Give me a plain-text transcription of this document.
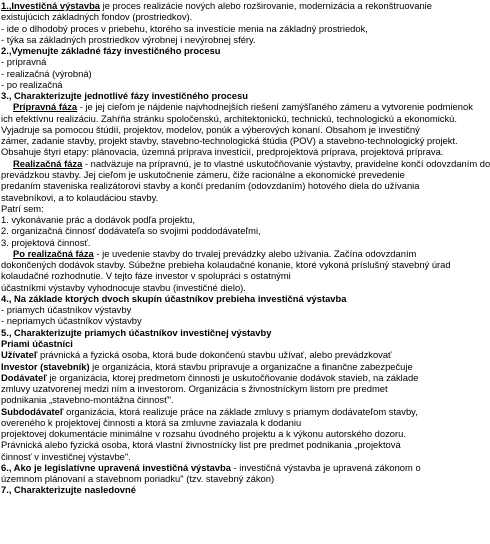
1.,Investičná výstavba je proces realizácie nových alebo rozširovanie, modernizácia a rekonštruovanie
existujúcich základných fondov (prostriedkov).
- ide o dlhodobý proces v priebehu, ktorého sa investície menia na základný prostriedok,
- týka sa základných prostriedkov výrobnej i nevýrobnej sféry.
2.,Vymenujte základné fázy investičného procesu
- prípravná
- realizačná (výrobná)
- po realizačná
3., Charakterizujte jednotlivé fázy investičného procesu
Prípravná fáza - je jej cieľom je nájdenie najvhodnejších riešení zamýšľaného zámeru a vytvorenie podmienok
ich efektívnu realizáciu. Zahŕňa stránku spoločenskú, architektonickú, technickú, technologickú a ekonomickú.
Vyjadruje sa pomocou štúdií, projektov, modelov, ponúk a výberových konaní. Obsahom je investičný
zámer, zadanie stavby, projekt stavby, stavebno-technologická štúdia (POV) a stavebno-technologický projekt.
Obsahuje štyri etapy: plánovacia, územná príprava investícií, predprojektová príprava, projektová príprava.
Realizačná fáza - nadväzuje na prípravnú, je to vlastné uskutočňovanie výstavby, pravidelne končí odovzdaním do
prevádzkou stavby. Jej cieľom je uskutočnenie zámeru, čiže racionálne a ekonomické prevedenie
predaním staveniska realizátorovi stavby a končí predaním (odovzdaním) hotového diela do užívania
stavebníkovi, a to kolaudáciou stavby.
Patrí sem:
1. vykonávanie prác a dodávok podľa projektu,
2. organizačná činnosť dodávateľa so svojimi poddodávateľmi,
3. projektová činnosť.
Po realizačná fáza - je uvedenie stavby do trvalej prevádzky alebo užívania. Začína odovzdaním
dokončených dodávok stavby. Súbežne prebieha kolaudačné konanie, ktoré vykoná príslušný stavebný úrad
kolaudačné rozhodnutie. V tejto fáze investor v spolupráci s ostatnými
účastníkmi výstavby vyhodnocuje stavbu (investičné dielo).
4., Na základe ktorých dvoch skupín účastníkov prebieha investičná výstavba
- priamych účastníkov výstavby
- nepriamych účastníkov výstavby
5., Charakterizujte priamych účastníkov investičnej výstavby
Priami účastníci
Užívateľ právnická a fyzická osoba, ktorá bude dokončenú stavbu užívať, alebo prevádzkovať
Investor (stavebník) je organizácia, ktorá stavbu pripravuje a organizačne a finančne zabezpečuje
Dodávateľ je organizácia, ktorej predmetom činnosti je uskutočňovanie dodávok stavieb, na základe
zmluvy uzatvorenej medzi ním a investorom. Organizácia s živnostníckym listom pre predmet
podnikania „stavebno-montážna činnosť".
Subdodávateľ organizácia, ktorá realizuje práce na základe zmluvy s priamym dodávateľom stavby,
overeného k projektovej činnosti a ktorá sa zmluvne zaviazala k dodaniu
projektovej dokumentácie minimálne v rozsahu úvodného projektu a k výkonu autorského dozoru.
Právnická alebo fyzická osoba, ktorá vlastní živnostnícky list pre predmet podnikania „projektová
činnosť v investičnej výstavbe".
6., Ako je legislatívne upravená investičná výstavba - investičná výstavba je upravená zákonom o
územnom plánovaní a stavebnom poriadku" (tzv. stavebný zákon)
7., Charakterizujte nasledovné
